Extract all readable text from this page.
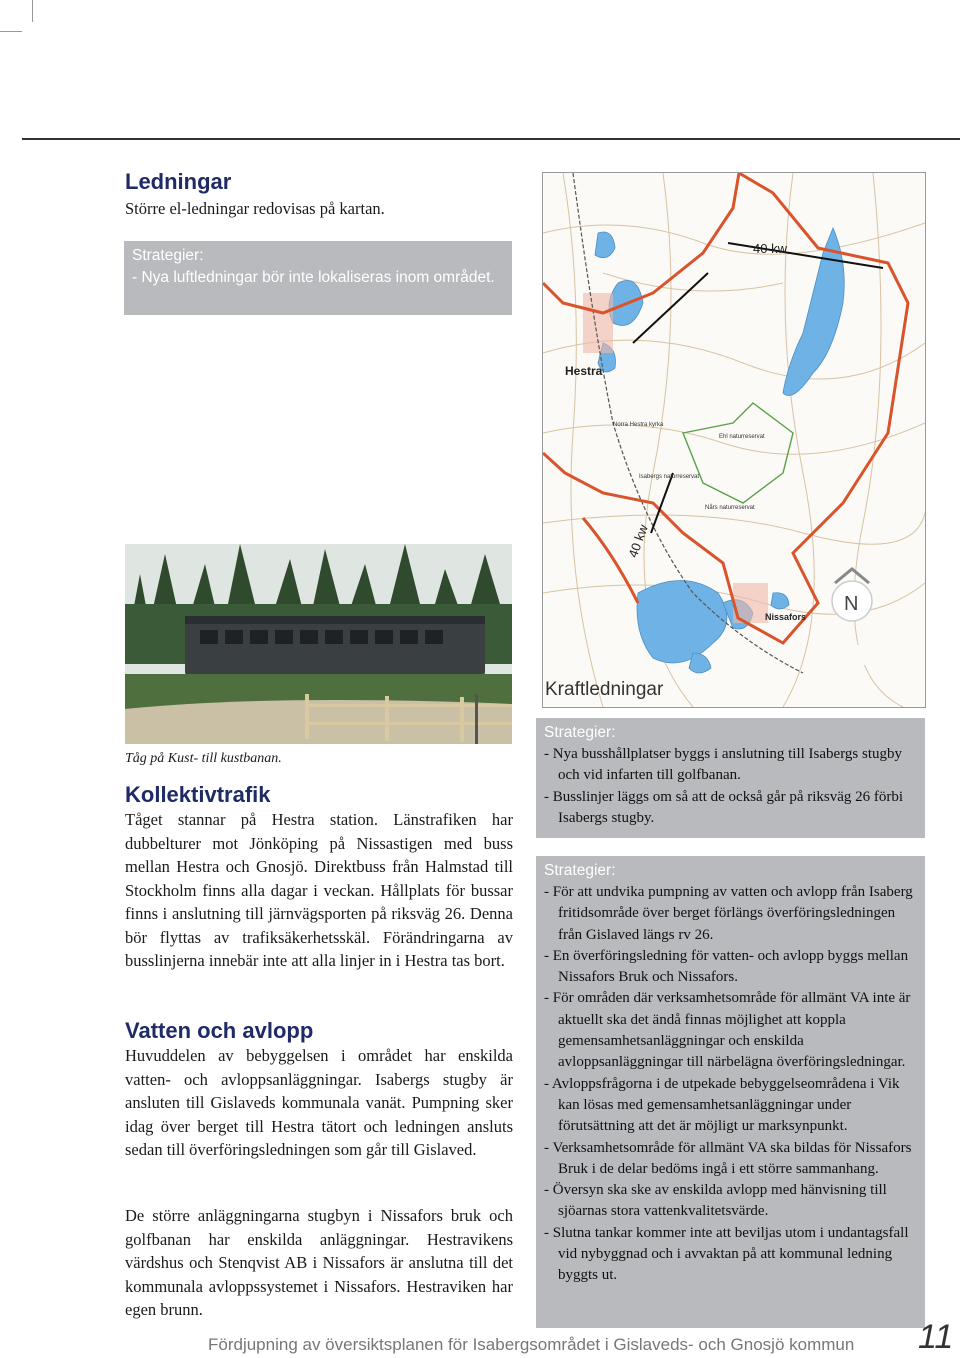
Ledningar

Större el-ledningar redovisas på kartan.

Strategier:

- Nya luftledningar bör inte lokaliseras inom området.

Tåg på Kust- till kustbanan.

Kollektivtrafik

Tåget stannar på Hestra station. Länstrafiken har dubbelturer mot Jönköping på Nissastigen med buss mellan Hestra och Gnosjö. Direktbuss från Halmstad till Stockholm finns alla dagar i veckan. Hållplats för bussar finns i anslutning till järnvägsporten på riksväg 26. Denna bör flyttas av trafiksäkerhetsskäl. Förändringarna av busslinjerna innebär inte att alla linjer in i Hestra tas bort.

Vatten och avlopp

Huvuddelen av bebyggelsen i området har enskilda vatten- och avloppsanläggningar. Isabergs stugby är ansluten till Gislaveds kommunala vanät. Pumpning sker idag över berget till Hestra tätort och ledningen ansluts sedan till överföringsledningen som går till Gislaved.

De större anläggningarna stugbyn i Nissafors bruk och golfbanan har enskilda anläggningar. Hestravikens värdshus och Stenqvist AB i Nissafors är anslutna till det kommunala avloppssystemet i Nissafors. Hestraviken har egen brunn.

40 kw
40 kw
Hestra
Nissafors
Norra Hestra kyrka
Ehl naturreservat
Isabergs naturreservat
Nårs naturreservat
N
Kraftledningar

Strategier:

- Nya busshållplatser byggs i anslutning till Isabergs stugby och vid infarten till golfbanan.

- Busslinjer läggs om så att de också går på riksväg 26 förbi Isabergs stugby.

Strategier:

- För att undvika pumpning av vatten och avlopp från Isaberg fritidsområde över berget förlängs överföringsledningen från Gislaved längs rv 26.

- En överföringsledning för vatten- och avlopp byggs mellan Nissafors Bruk och Nissafors.

- För områden där verksamhetsområde för allmänt VA inte är aktuellt ska det ändå finnas möjlighet att koppla gemensamhetsanläggningar och enskilda avloppsanläggningar till närbelägna överföringsledningar.

- Avloppsfrågorna i de utpekade bebyggelseområdena i Vik kan lösas med gemensamhetsanläggningar under förutsättning att det är möjligt ur marksynpunkt.

- Verksamhetsområde för allmänt VA ska bildas för Nissafors Bruk i de delar bedöms ingå i ett större sammanhang.

- Översyn ska ske av enskilda avlopp med hänvisning till sjöarnas stora vattenkvalitetsvärde.

- Slutna tankar kommer inte att beviljas utom i undantagsfall vid nybyggnad och i avvaktan på att kommunal ledning byggts ut.

Fördjupning av översiktsplanen för Isabergsområdet i Gislaveds- och Gnosjö kommun 11
